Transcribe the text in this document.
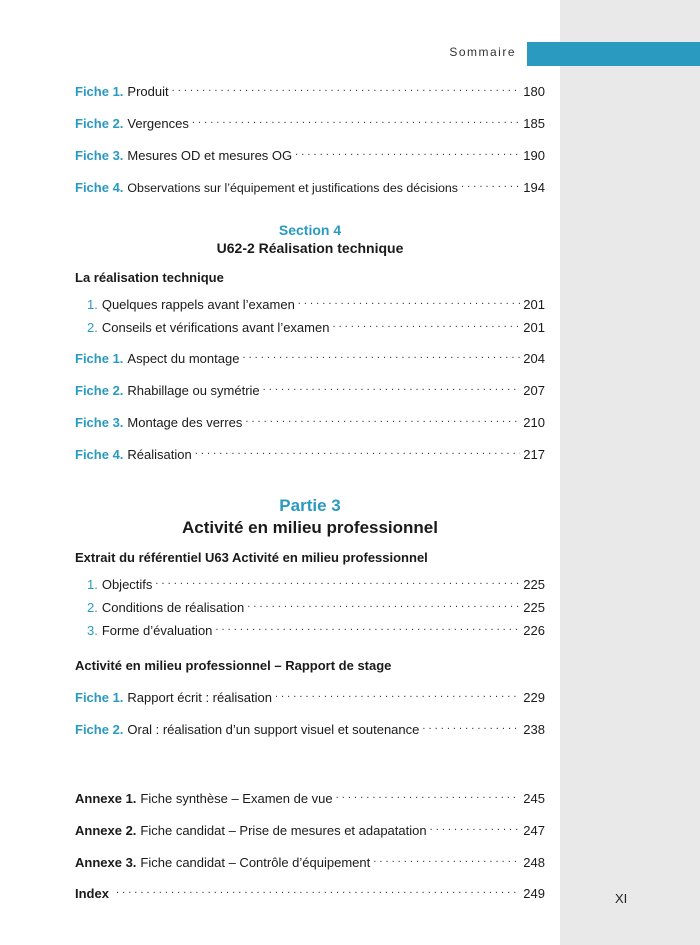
Sommaire
XI
Fiche 1. Produit . . .	180
Fiche 2. Vergences . . .	185
Fiche 3. Mesures OD et mesures OG . . .	190
Fiche 4. Observations sur l’équipement et justifications des décisions . . .	194
Section 4
U62-2 Réalisation technique
La réalisation technique
1. Quelques rappels avant l’examen . . .	201
2. Conseils et vérifications avant l’examen . . .	201
Fiche 1. Aspect du montage . . .	204
Fiche 2. Rhabillage ou symétrie . . .	207
Fiche 3. Montage des verres . . .	210
Fiche 4. Réalisation . . .	217
Partie 3
Activité en milieu professionnel
Extrait du référentiel U63 Activité en milieu professionnel
1. Objectifs . . .	225
2. Conditions de réalisation . . .	225
3. Forme d’évaluation . . .	226
Activité en milieu professionnel – Rapport de stage
Fiche 1. Rapport écrit : réalisation . . .	229
Fiche 2. Oral : réalisation d’un support visuel et soutenance . . .	238
Annexe 1. Fiche synthèse – Examen de vue . . .	245
Annexe 2. Fiche candidat – Prise de mesures et adapatation . . .	247
Annexe 3. Fiche candidat – Contrôle d’équipement . . .	248
Index . . .	249
